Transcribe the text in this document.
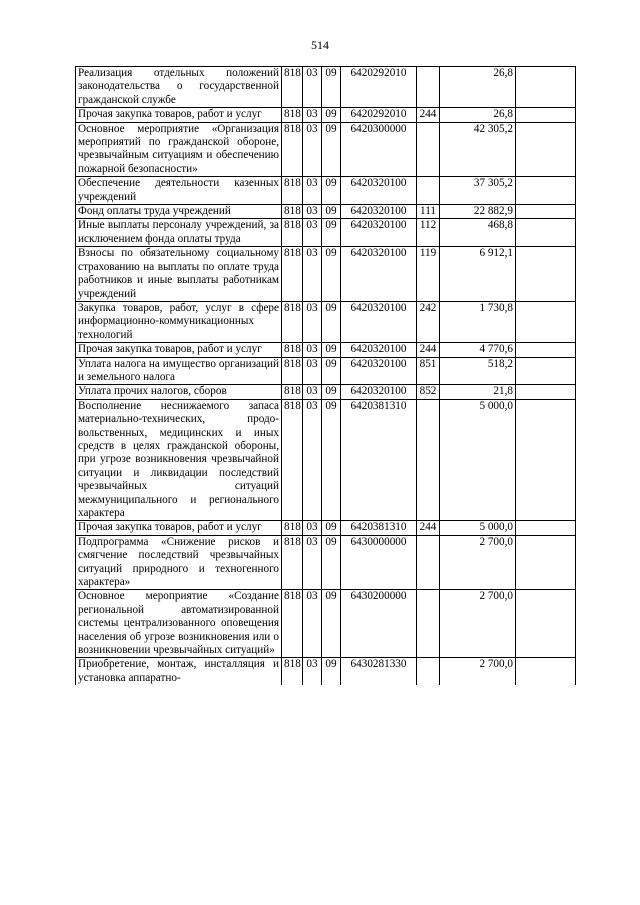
514
Реализация отдельных положений законодательства о государственной гражданской службе	818	03	09	6420292010		26,8	
Прочая закупка товаров, работ и услуг	818	03	09	6420292010	244	26,8	
Основное мероприятие «Организация мероприятий по гражданской обороне, чрезвычайным ситуациям и обеспечению пожарной безопасности»	818	03	09	6420300000		42 305,2	
Обеспечение деятельности казенных учреждений	818	03	09	6420320100		37 305,2	
Фонд оплаты труда учреждений	818	03	09	6420320100	111	22 882,9	
Иные выплаты персоналу учреждений, за исключением фонда оплаты труда	818	03	09	6420320100	112	468,8	
Взносы по обязательному социальному страхованию на выплаты по оплате труда работников и иные выплаты работникам учреждений	818	03	09	6420320100	119	6 912,1	
Закупка товаров, работ, услуг в сфере информационно-коммуникационных технологий	818	03	09	6420320100	242	1 730,8	
Прочая закупка товаров, работ и услуг	818	03	09	6420320100	244	4 770,6	
Уплата налога на имущество организаций и земельного налога	818	03	09	6420320100	851	518,2	
Уплата прочих налогов, сборов	818	03	09	6420320100	852	21,8	
Восполнение неснижаемого запаса материально-технических, продовольственных, медицинских и иных средств в целях гражданской обороны, при угрозе возникновения чрезвычайной ситуации и ликвидации последствий чрезвычайных ситуаций межмуниципального и регионального характера	818	03	09	6420381310		5 000,0	
Прочая закупка товаров, работ и услуг	818	03	09	6420381310	244	5 000,0	
Подпрограмма «Снижение рисков и смягчение последствий чрезвычайных ситуаций природного и техногенного характера»	818	03	09	6430000000		2 700,0	
Основное мероприятие «Создание региональной автоматизированной системы централизованного оповещения населения об угрозе возникновения или о возникновении чрезвычайных ситуаций»	818	03	09	6430200000		2 700,0	
Приобретение, монтаж, инсталляция и установка аппаратно-	818	03	09	6430281330		2 700,0	
